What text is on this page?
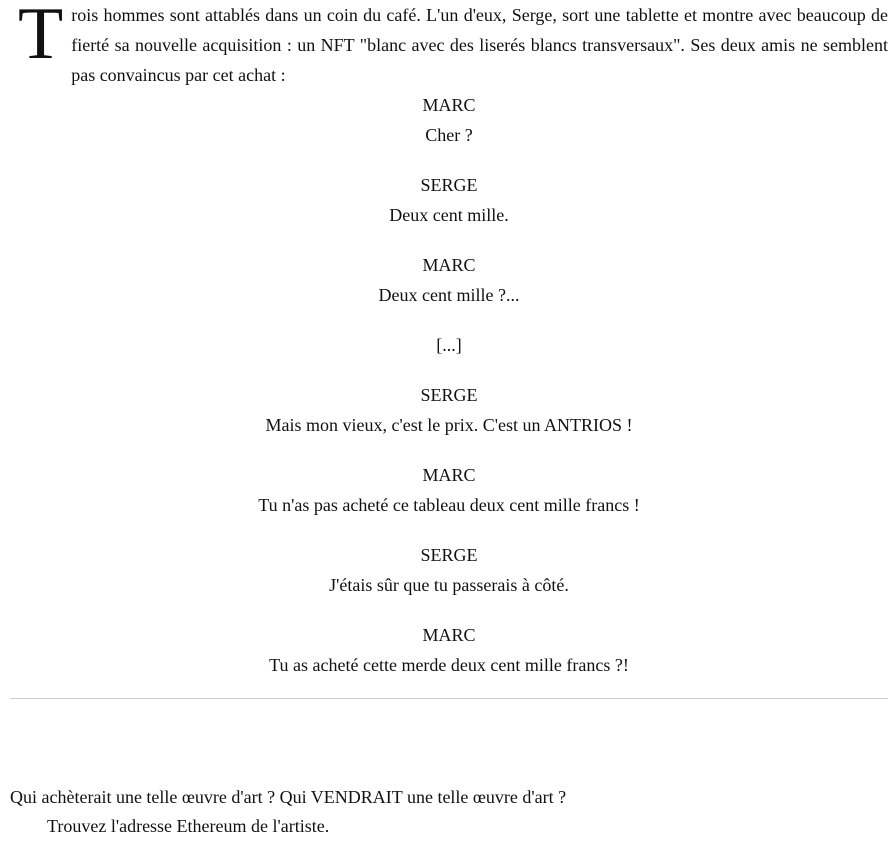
Trois hommes sont attablés dans un coin du café. L'un d'eux, Serge, sort une tablette et montre avec beaucoup de fierté sa nouvelle acquisition : un NFT "blanc avec des liserés blancs transversaux". Ses deux amis ne semblent pas convaincus par cet achat :
MARC
Cher ?
SERGE
Deux cent mille.
MARC
Deux cent mille ?...
[...]
SERGE
Mais mon vieux, c'est le prix. C'est un ANTRIOS !
MARC
Tu n'as pas acheté ce tableau deux cent mille francs !
SERGE
J'étais sûr que tu passerais à côté.
MARC
Tu as acheté cette merde deux cent mille francs ?!
Qui achèterait une telle œuvre d'art ? Qui VENDRAIT une telle œuvre d'art ?
Trouvez l'adresse Ethereum de l'artiste.
